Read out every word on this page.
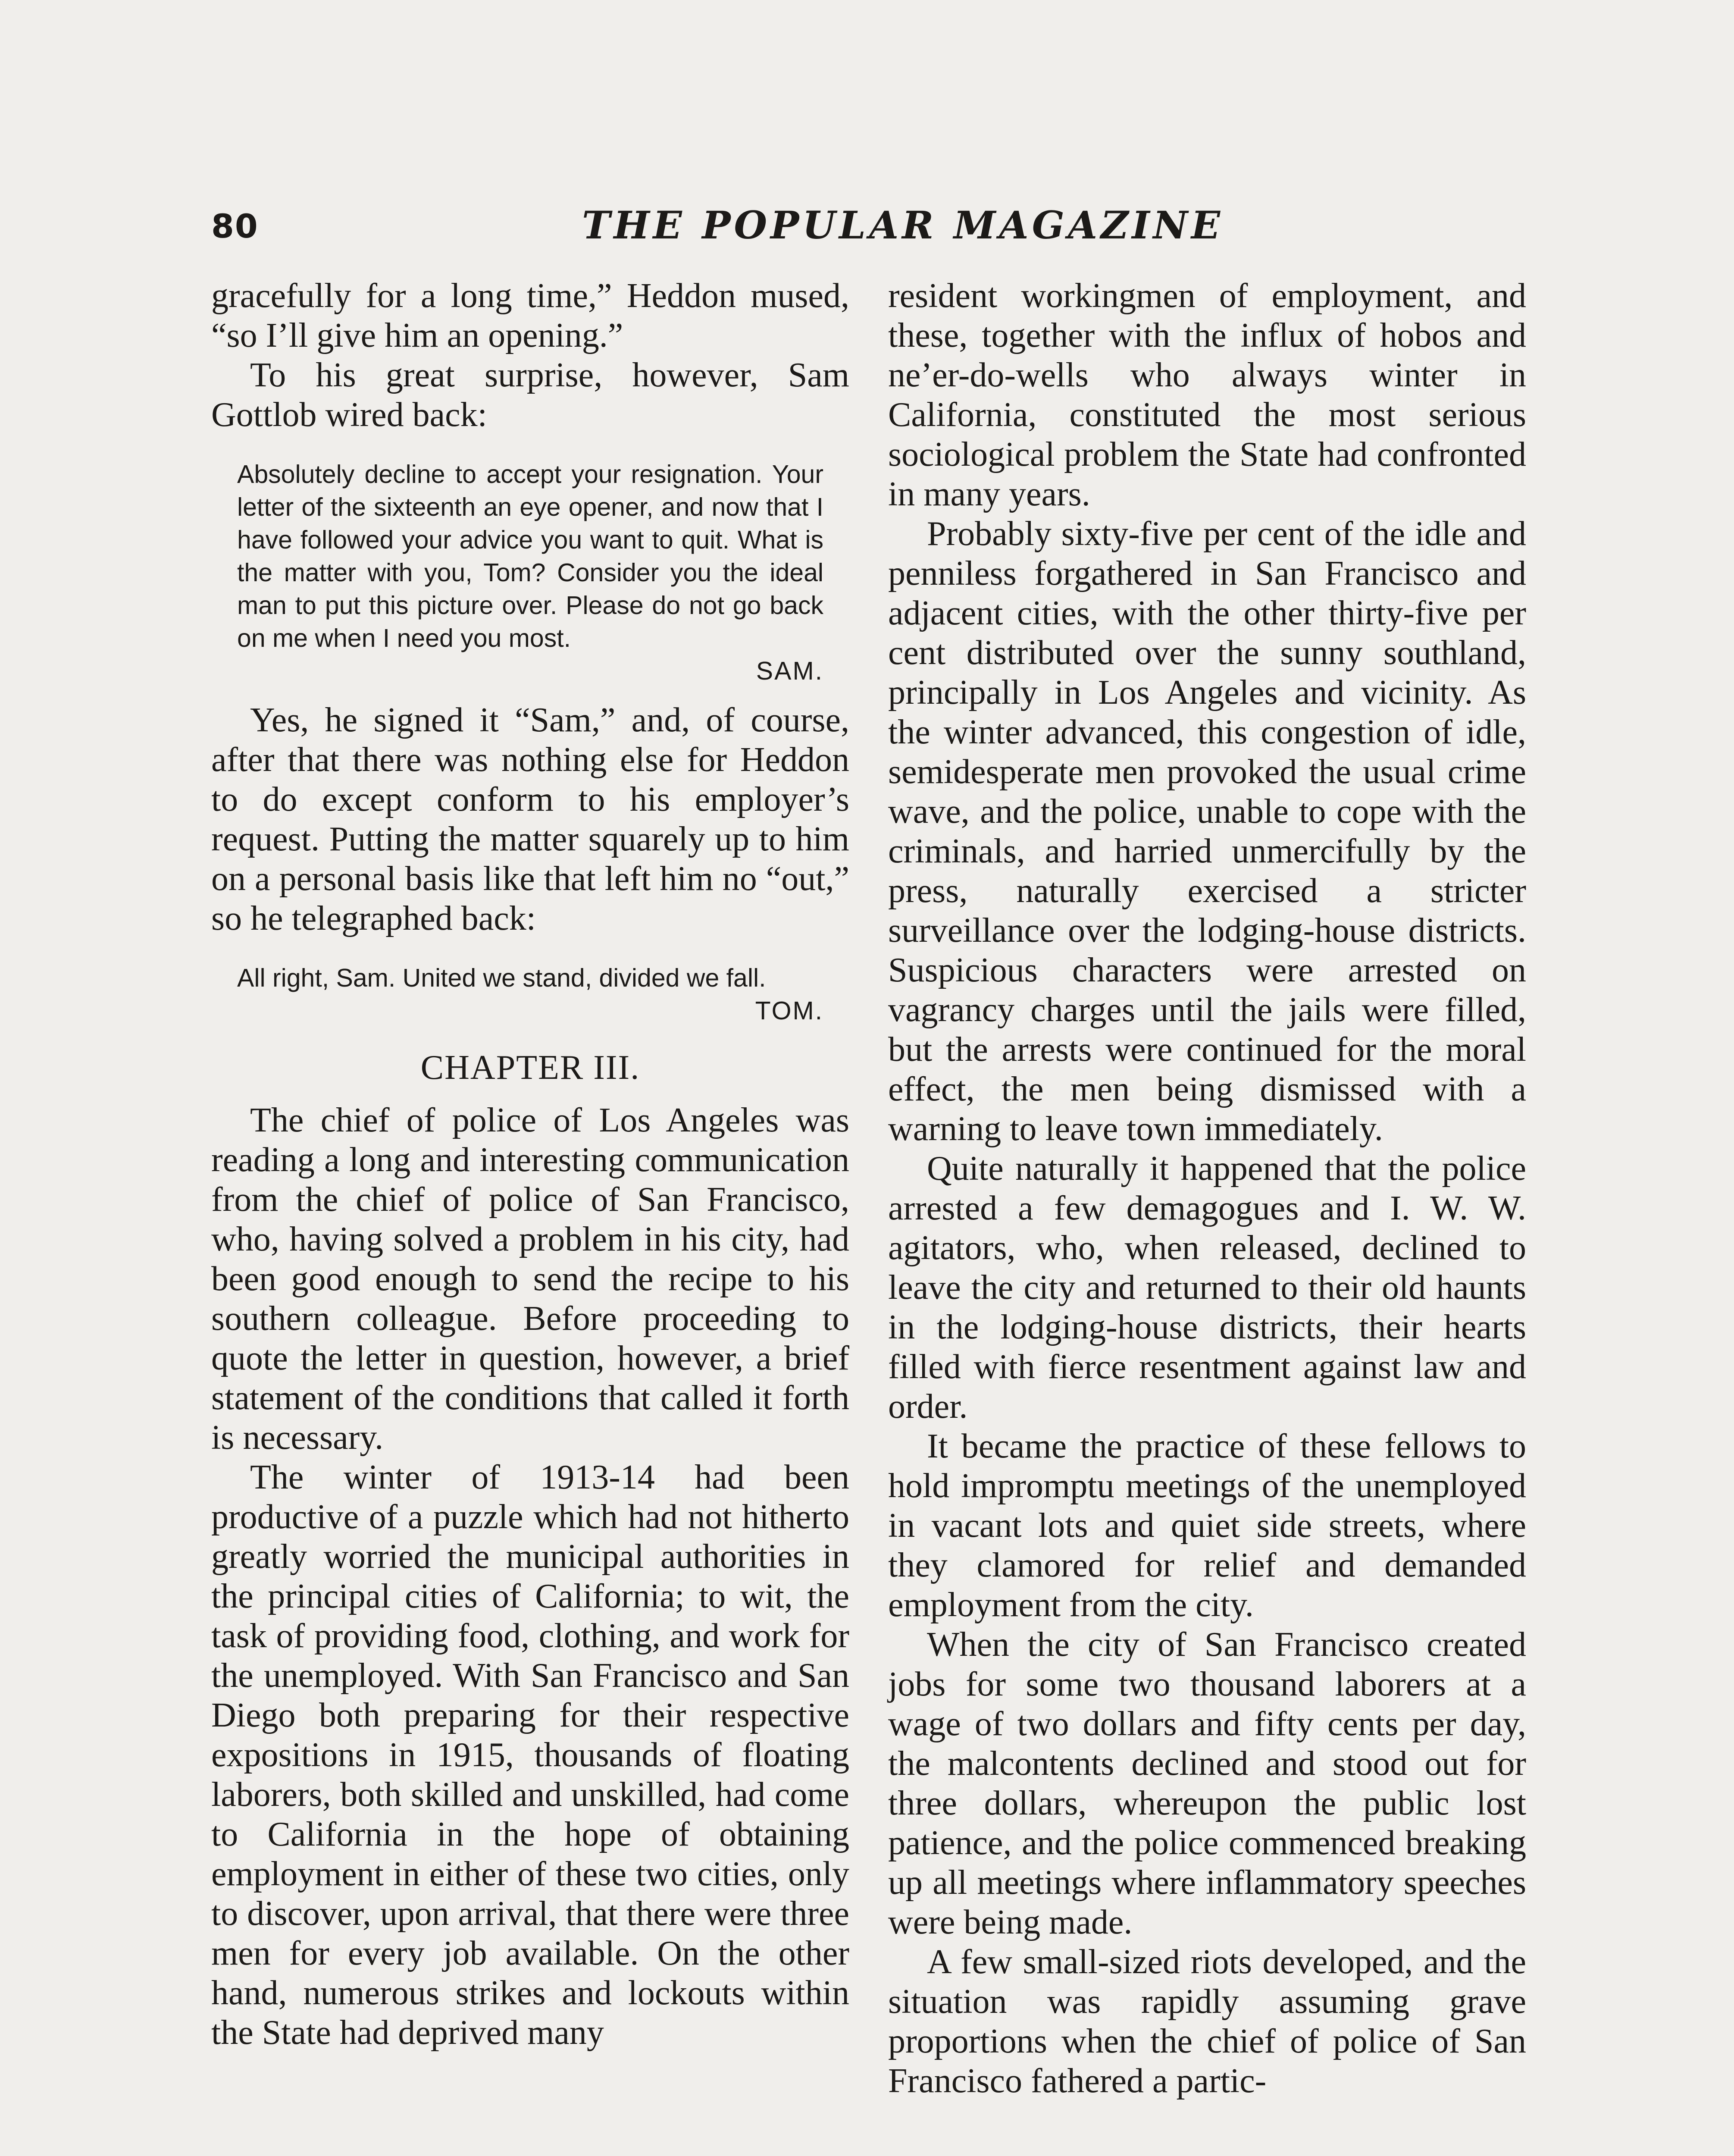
80	THE POPULAR MAGAZINE

gracefully for a long time,” Heddon mused, “so I’ll give him an opening.”

To his great surprise, however, Sam Gottlob wired back:

Absolutely decline to accept your resignation. Your letter of the sixteenth an eye opener, and now that I have followed your advice you want to quit. What is the matter with you, Tom? Consider you the ideal man to put this picture over. Please do not go back on me when I need you most.
SAM.

Yes, he signed it “Sam,” and, of course, after that there was nothing else for Heddon to do except conform to his employer’s request. Putting the matter squarely up to him on a personal basis like that left him no “out,” so he telegraphed back:

All right, Sam. United we stand, divided we fall.
TOM.
CHAPTER III.

The chief of police of Los Angeles was reading a long and interesting communication from the chief of police of San Francisco, who, having solved a problem in his city, had been good enough to send the recipe to his southern colleague. Before proceeding to quote the letter in question, however, a brief statement of the conditions that called it forth is necessary.

The winter of 1913-14 had been productive of a puzzle which had not hitherto greatly worried the municipal authorities in the principal cities of California; to wit, the task of providing food, clothing, and work for the unemployed. With San Francisco and San Diego both preparing for their respective expositions in 1915, thousands of floating laborers, both skilled and unskilled, had come to California in the hope of obtaining employment in either of these two cities, only to discover, upon arrival, that there were three men for every job available. On the other hand, numerous strikes and lockouts within the State had deprived many

resident workingmen of employment, and these, together with the influx of hobos and ne’er-do-wells who always winter in California, constituted the most serious sociological problem the State had confronted in many years.

Probably sixty-five per cent of the idle and penniless forgathered in San Francisco and adjacent cities, with the other thirty-five per cent distributed over the sunny southland, principally in Los Angeles and vicinity. As the winter advanced, this congestion of idle, semidesperate men provoked the usual crime wave, and the police, unable to cope with the criminals, and harried unmercifully by the press, naturally exercised a stricter surveillance over the lodging-house districts. Suspicious characters were arrested on vagrancy charges until the jails were filled, but the arrests were continued for the moral effect, the men being dismissed with a warning to leave town immediately.

Quite naturally it happened that the police arrested a few demagogues and I. W. W. agitators, who, when released, declined to leave the city and returned to their old haunts in the lodging-house districts, their hearts filled with fierce resentment against law and order.

It became the practice of these fellows to hold impromptu meetings of the unemployed in vacant lots and quiet side streets, where they clamored for relief and demanded employment from the city.

When the city of San Francisco created jobs for some two thousand laborers at a wage of two dollars and fifty cents per day, the malcontents declined and stood out for three dollars, whereupon the public lost patience, and the police commenced breaking up all meetings where inflammatory speeches were being made.

A few small-sized riots developed, and the situation was rapidly assuming grave proportions when the chief of police of San Francisco fathered a partic-
